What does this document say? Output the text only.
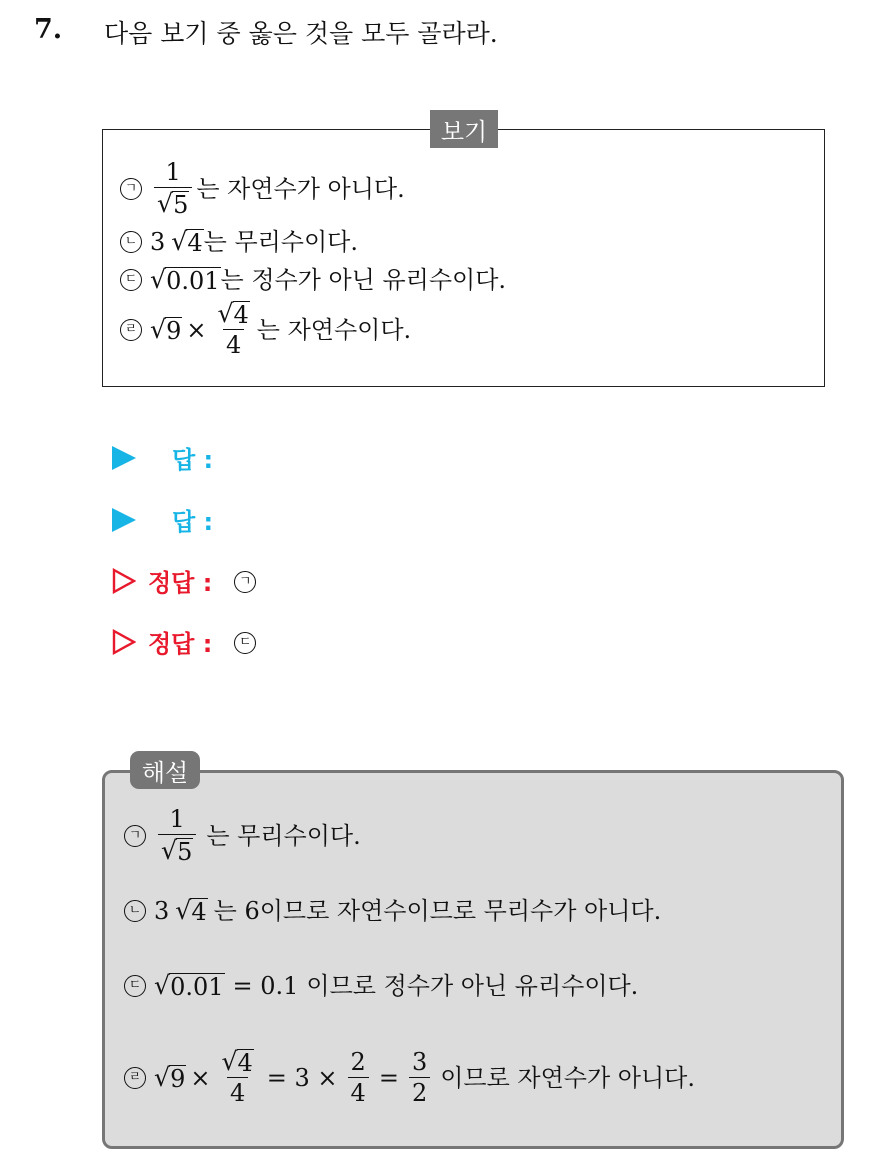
7. 다음 보기 중 옳은 것을 모두 골라라.
보기
ㄱ $\frac{1}{√ 5}$ 는 자연수가 아니다.
ㄴ 3 √ 4 는 무리수이다.
ㄷ √ 0.01 는 정수가 아닌 유리수이다.
ㄹ √ $9 \times \frac{√ 4}{4}$ 는 자연수이다.
답 :
답 :
정답 :	ㄱ
정답 :	ㄷ
해설
ㄱ $\frac{1}{√ 5}$ 는 무리수이다.
ㄴ 3 √ 4 는 6 이므로 자연수이므로 무리수가 아니다.
ㄷ √ 0.01 = 0.1 이므로 정수가 아닌 유리수이다.
ㄹ √ $9 \times \frac{√ 4}{4} = 3 \times \frac{2}{4} = \frac{3}{2}$ 이므로 자연수가 아니다.
